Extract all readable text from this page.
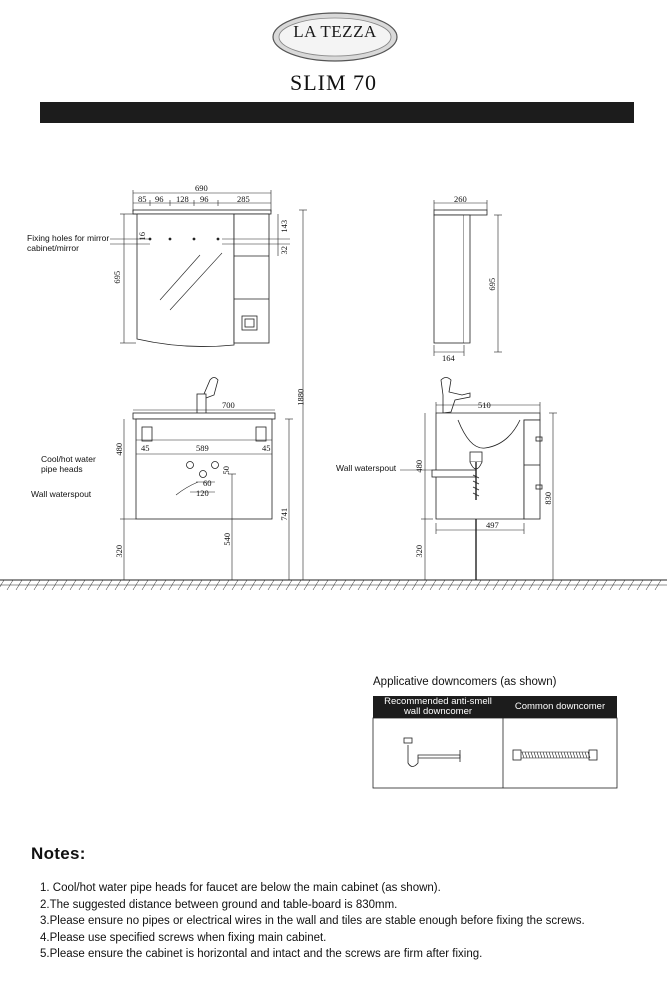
LA TEZZA
SLIM 70
690
85 96 128 96	285
695
16
143
32
260
164
695
1880
700
589
45	45
480
60
50
120
540
741
320
510
480
830
497
320
Fixing holes for mirror
cabinet/mirror
Cool/hot water
pipe heads
Wall waterspout
Wall waterspout
Applicative downcomers (as shown)
Recommended anti-smell
wall downcomer	Common downcomer
Notes:
1. Cool/hot water pipe heads for faucet are below the main cabinet (as shown).
2.The suggested distance between ground and table-board is 830mm.
3.Please ensure no pipes or electrical wires in the wall and tiles are stable enough before fixing the screws.
4.Please use specified screws when fixing main cabinet.
5.Please ensure the cabinet is horizontal and intact and the screws are firm after fixing.
